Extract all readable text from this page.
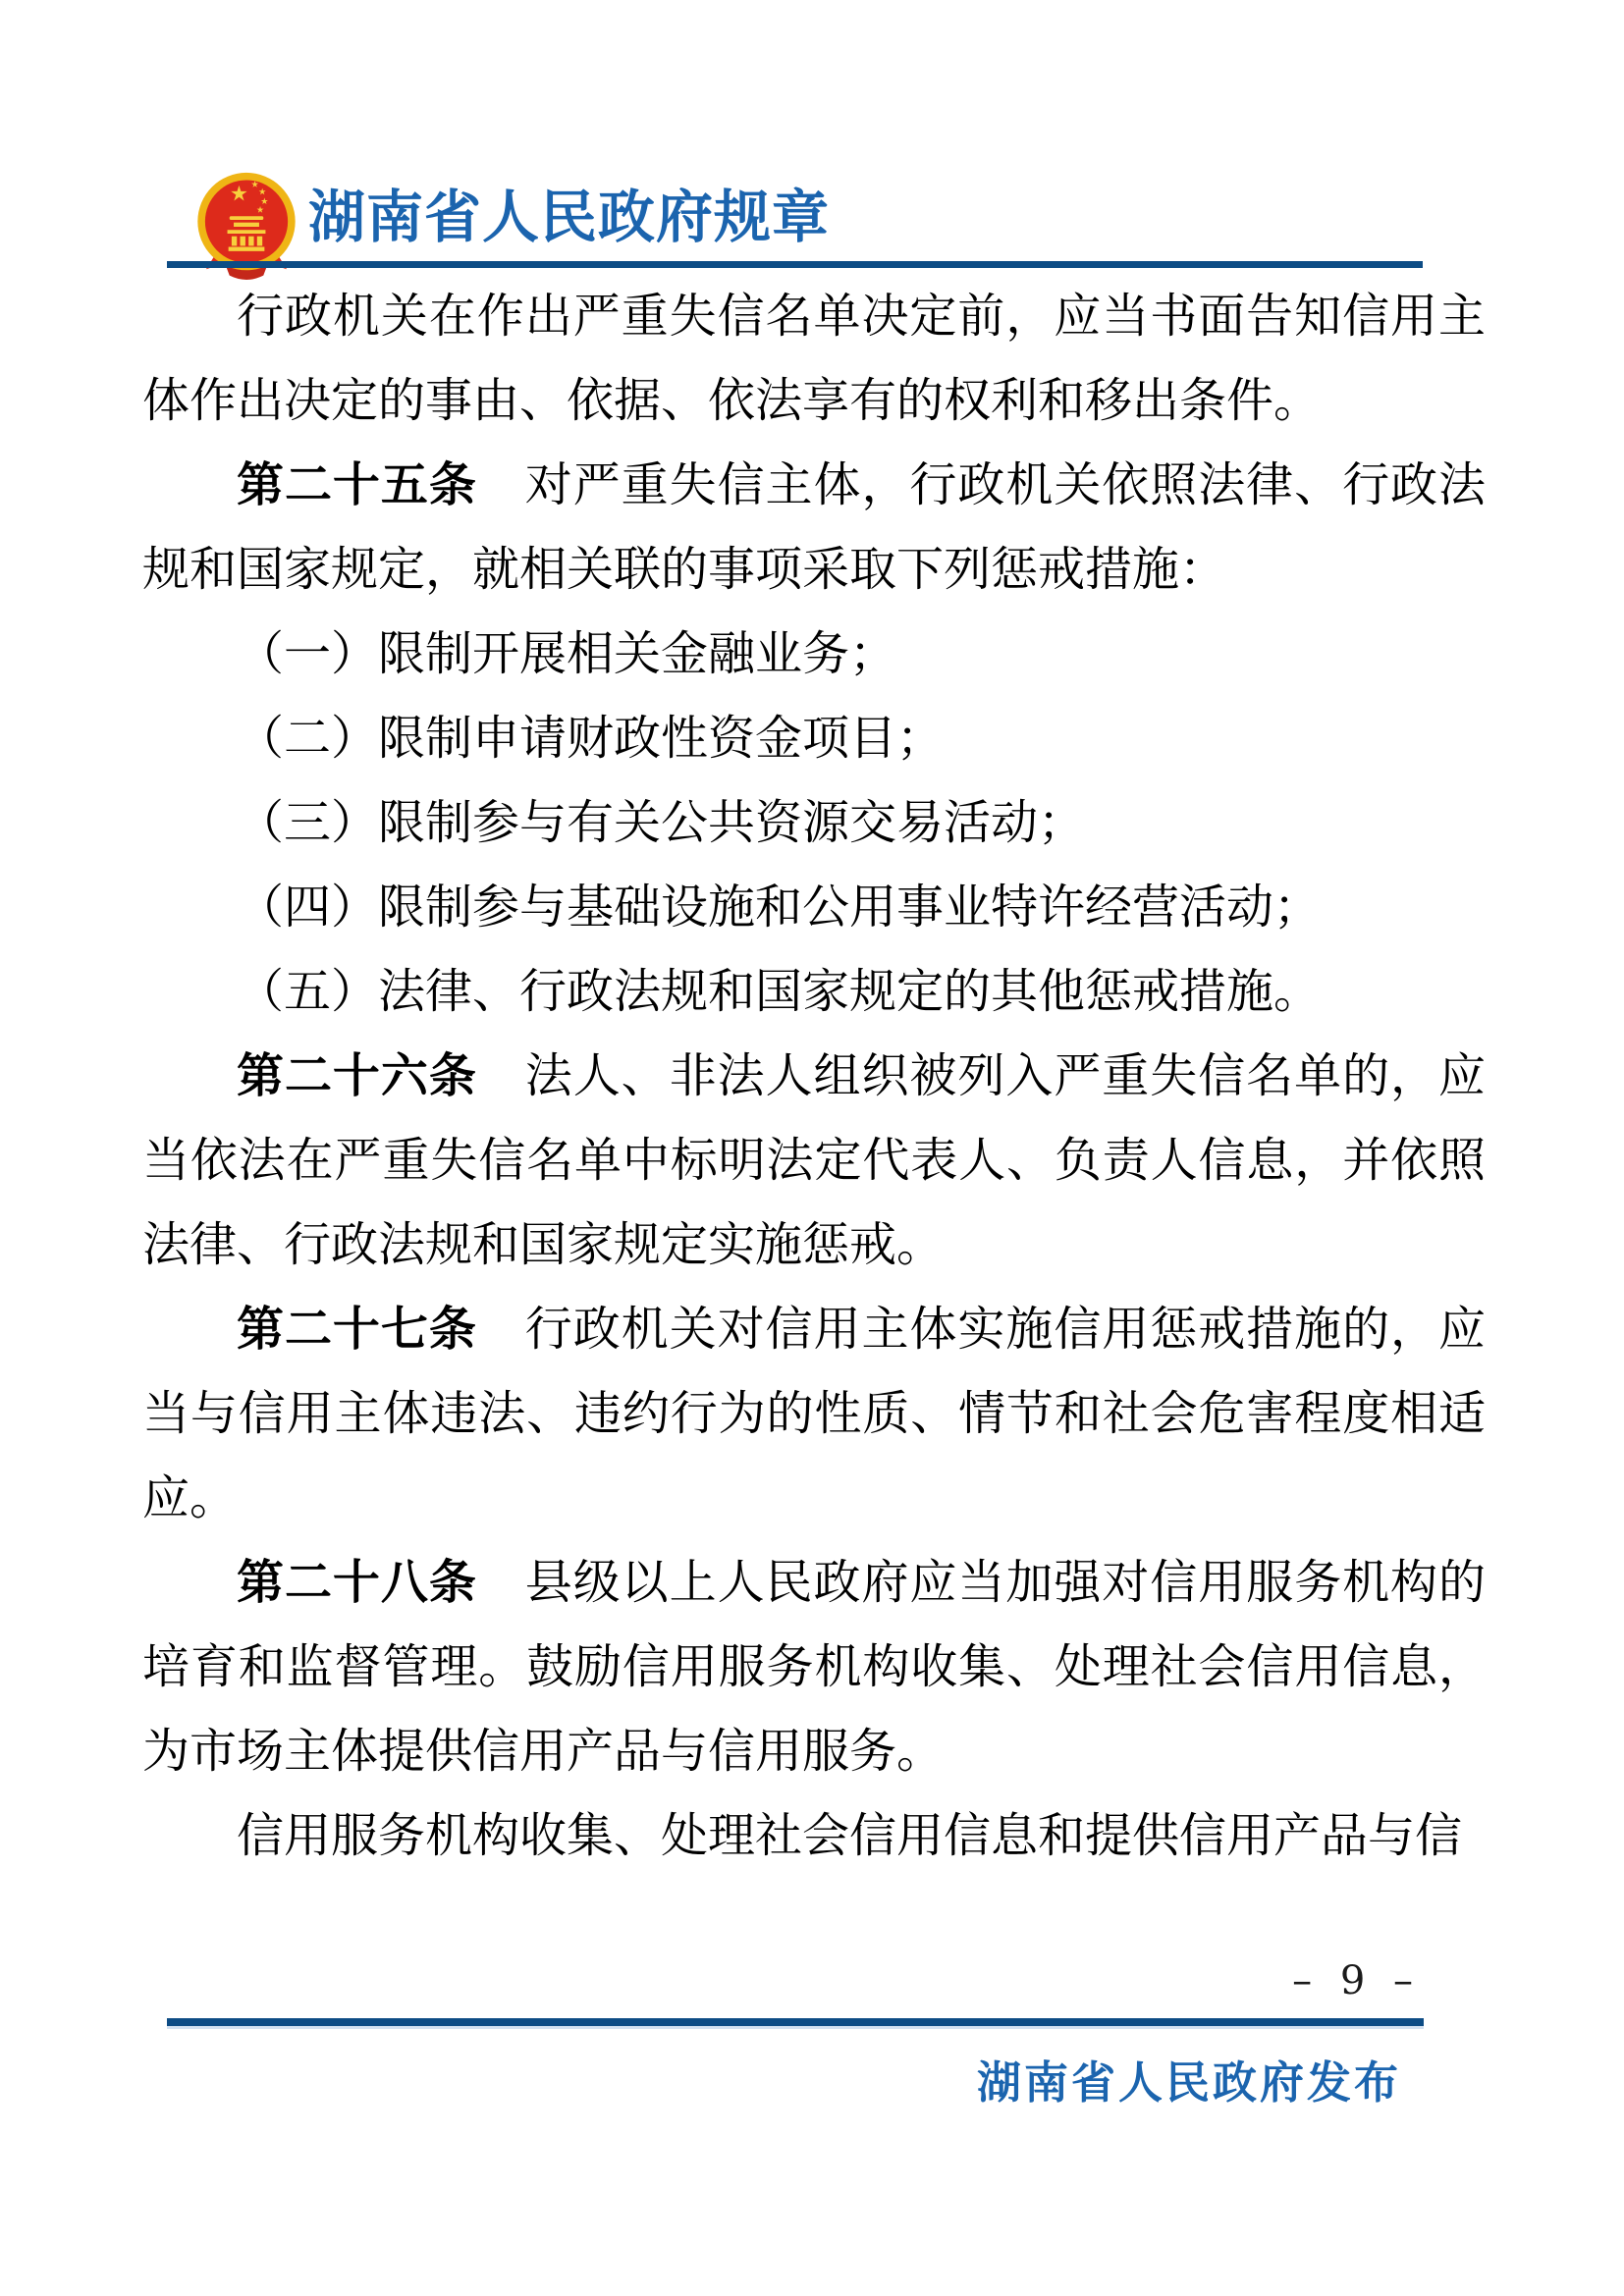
湖南省人民政府规章

行政机关在作出严重失信名单决定前，应当书面告知信用主体作出决定的事由、依据、依法享有的权利和移出条件。

第二十五条　对严重失信主体，行政机关依照法律、行政法规和国家规定，就相关联的事项采取下列惩戒措施：

（一）限制开展相关金融业务；

（二）限制申请财政性资金项目；

（三）限制参与有关公共资源交易活动；

（四）限制参与基础设施和公用事业特许经营活动；

（五）法律、行政法规和国家规定的其他惩戒措施。

第二十六条　法人、非法人组织被列入严重失信名单的，应当依法在严重失信名单中标明法定代表人、负责人信息，并依照法律、行政法规和国家规定实施惩戒。

第二十七条　行政机关对信用主体实施信用惩戒措施的，应当与信用主体违法、违约行为的性质、情节和社会危害程度相适应。

第二十八条　县级以上人民政府应当加强对信用服务机构的培育和监督管理。鼓励信用服务机构收集、处理社会信用信息，为市场主体提供信用产品与信用服务。

信用服务机构收集、处理社会信用信息和提供信用产品与信

– 9 –
湖南省人民政府发布
